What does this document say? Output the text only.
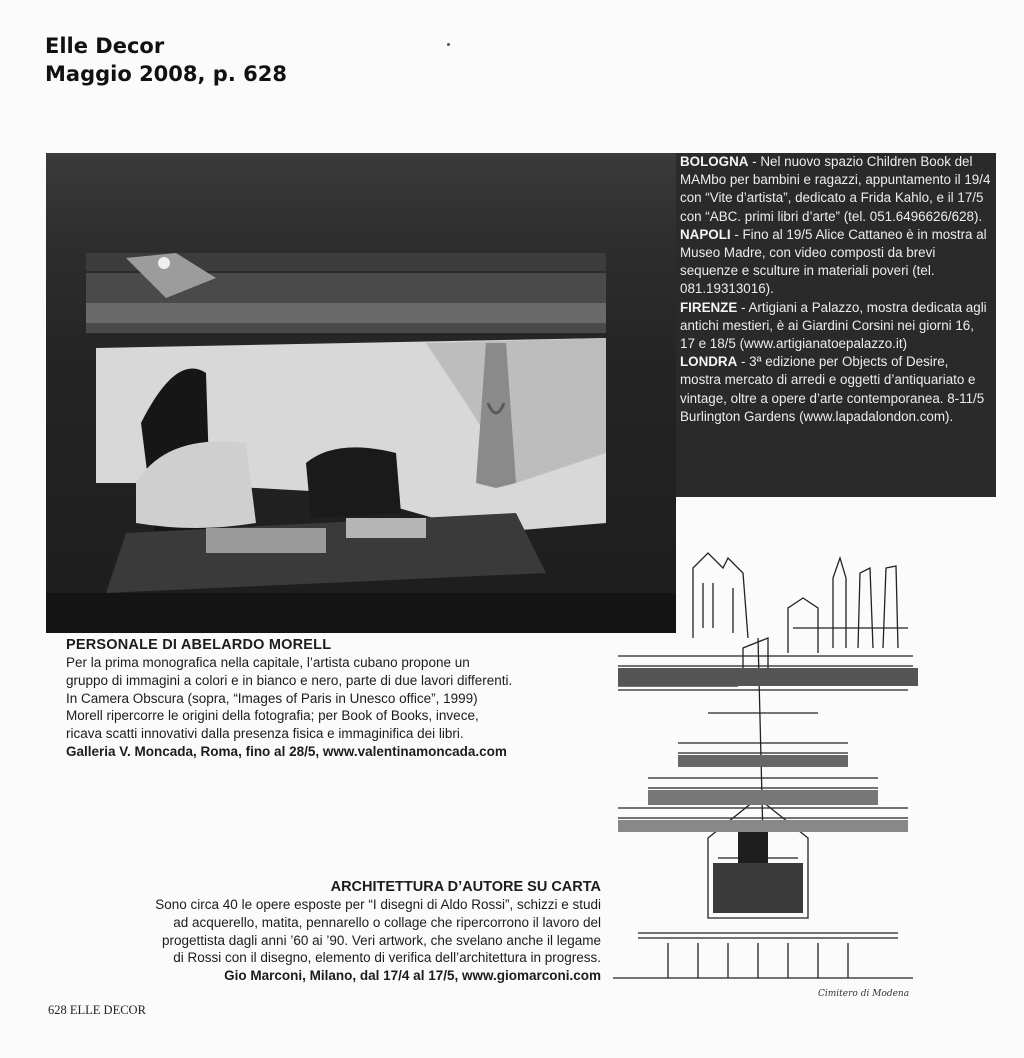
Elle Decor
Maggio 2008, p. 628

BOLOGNA - Nel nuovo spazio Children Book del MAMbo per bambini e ragazzi, appuntamento il 19/4 con “Vite d’artista”, dedicato a Frida Kahlo, e il 17/5 con “ABC. primi libri d’arte” (tel. 051.6496626/628).

NAPOLI - Fino al 19/5 Alice Cattaneo è in mostra al Museo Madre, con video composti da brevi sequenze e sculture in materiali poveri (tel. 081.19313016).

FIRENZE - Artigiani a Palazzo, mostra dedicata agli antichi mestieri, è ai Giardini Corsini nei giorni 16, 17 e 18/5 (www.artigianatoepalazzo.it)

LONDRA - 3ª edizione per Objects of Desire, mostra mercato di arredi e oggetti d’antiquariato e vintage, oltre a opere d’arte contemporanea. 8-11/5 Burlington Gardens (www.lapadalondon.com).

PERSONALE DI ABELARDO MORELL
Per la prima monografica nella capitale, l’artista cubano propone un
gruppo di immagini a colori e in bianco e nero, parte di due lavori differenti.
In Camera Obscura (sopra, “Images of Paris in Unesco office”, 1999)
Morell ripercorre le origini della fotografia; per Book of Books, invece,
ricava scatti innovativi dalla presenza fisica e immaginifica dei libri.
Galleria V. Moncada, Roma, fino al 28/5, www.valentinamoncada.com
Cimitero di Modena
ARCHITETTURA D’AUTORE SU CARTA
Sono circa 40 le opere esposte per “I disegni di Aldo Rossi”, schizzi e studi
ad acquerello, matita, pennarello o collage che ripercorrono il lavoro del
progettista dagli anni ’60 ai ’90. Veri artwork, che svelano anche il legame
di Rossi con il disegno, elemento di verifica dell’architettura in progress.
Gio Marconi, Milano, dal 17/4 al 17/5, www.giomarconi.com
628 ELLE DECOR
